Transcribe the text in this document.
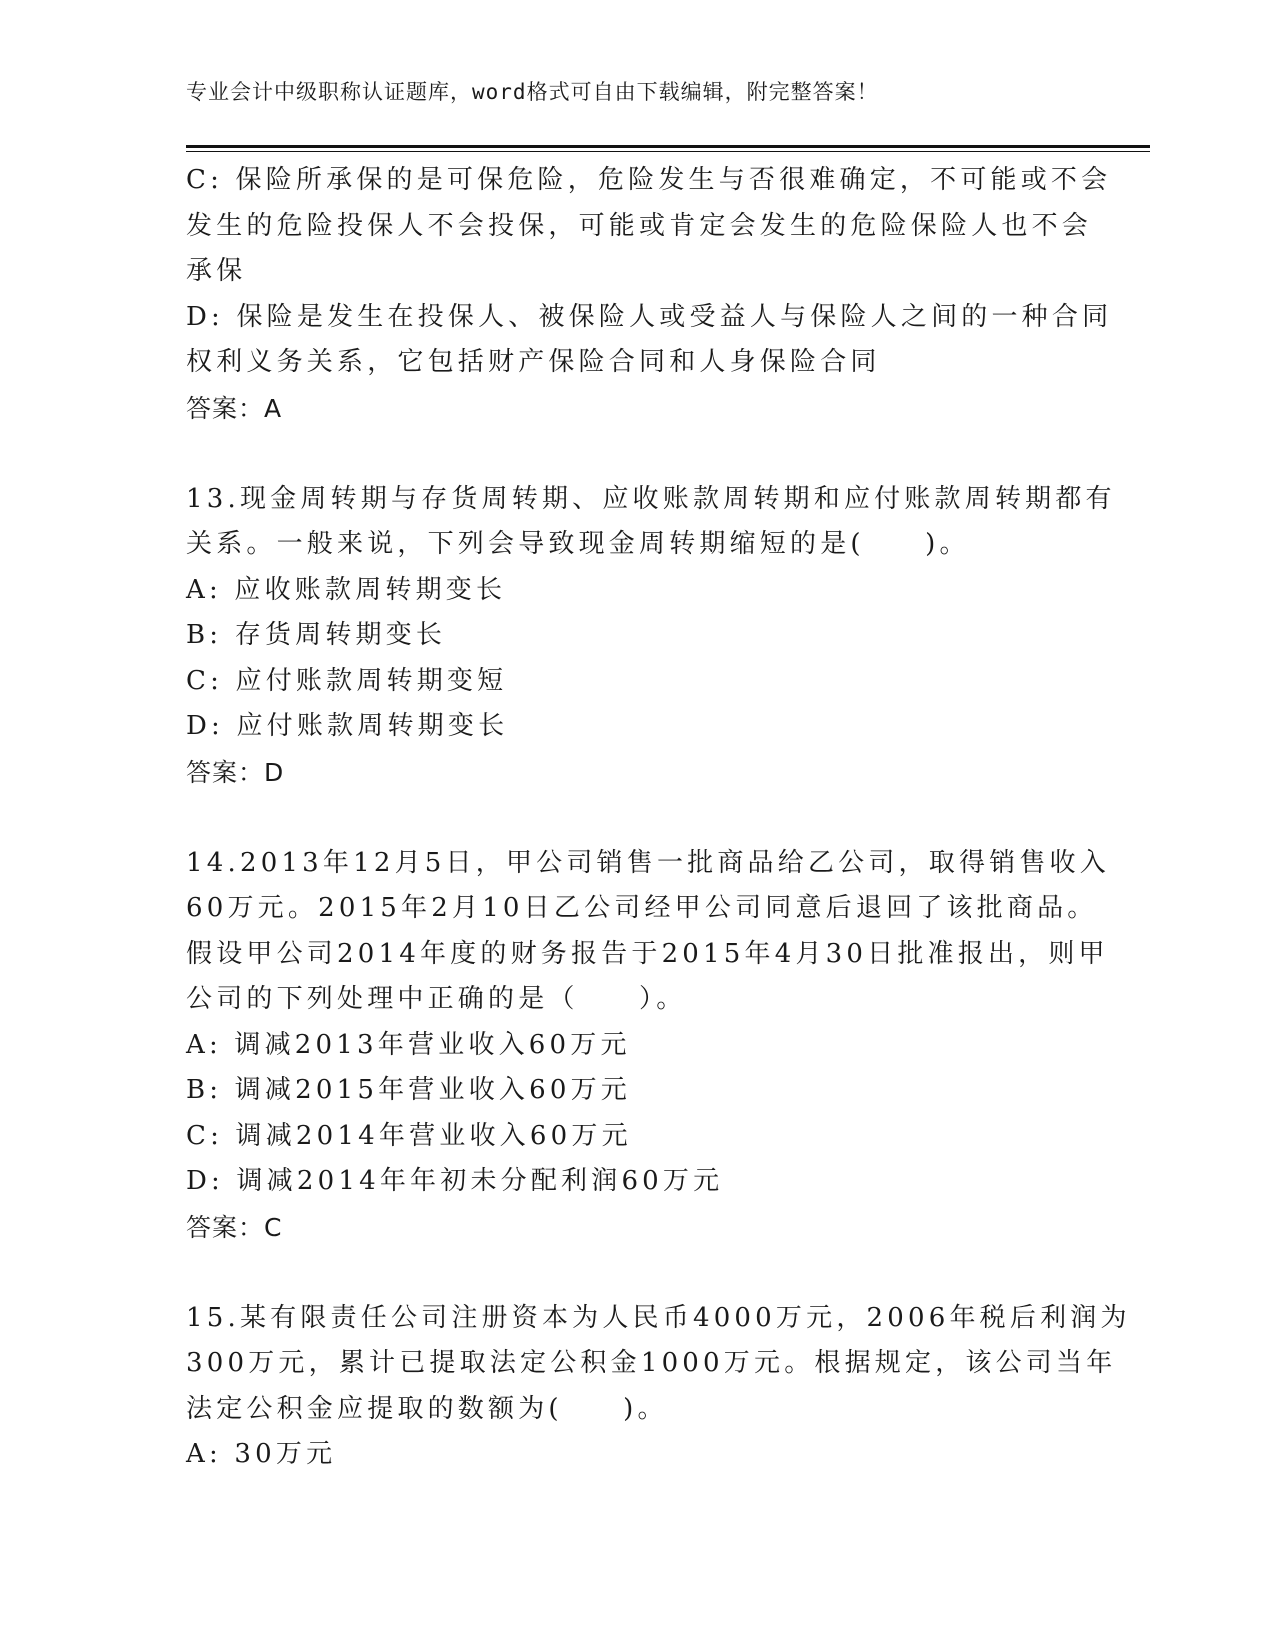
专业会计中级职称认证题库，word格式可自由下载编辑，附完整答案！
C: 保险所承保的是可保危险，危险发生与否很难确定，不可能或不会
发生的危险投保人不会投保，可能或肯定会发生的危险保险人也不会
承保
D: 保险是发生在投保人、被保险人或受益人与保险人之间的一种合同
权利义务关系，它包括财产保险合同和人身保险合同
答案：A
13.现金周转期与存货周转期、应收账款周转期和应付账款周转期都有
关系。一般来说，下列会导致现金周转期缩短的是(　　)。
A: 应收账款周转期变长
B: 存货周转期变长
C: 应付账款周转期变短
D: 应付账款周转期变长
答案：D
14.2013年12月5日，甲公司销售一批商品给乙公司，取得销售收入
60万元。2015年2月10日乙公司经甲公司同意后退回了该批商品。
假设甲公司2014年度的财务报告于2015年4月30日批准报出，则甲
公司的下列处理中正确的是（　　）。
A: 调减2013年营业收入60万元
B: 调减2015年营业收入60万元
C: 调减2014年营业收入60万元
D: 调减2014年年初未分配利润60万元
答案：C
15.某有限责任公司注册资本为人民币4000万元，2006年税后利润为
300万元，累计已提取法定公积金1000万元。根据规定，该公司当年
法定公积金应提取的数额为(　　)。
A: 30万元
